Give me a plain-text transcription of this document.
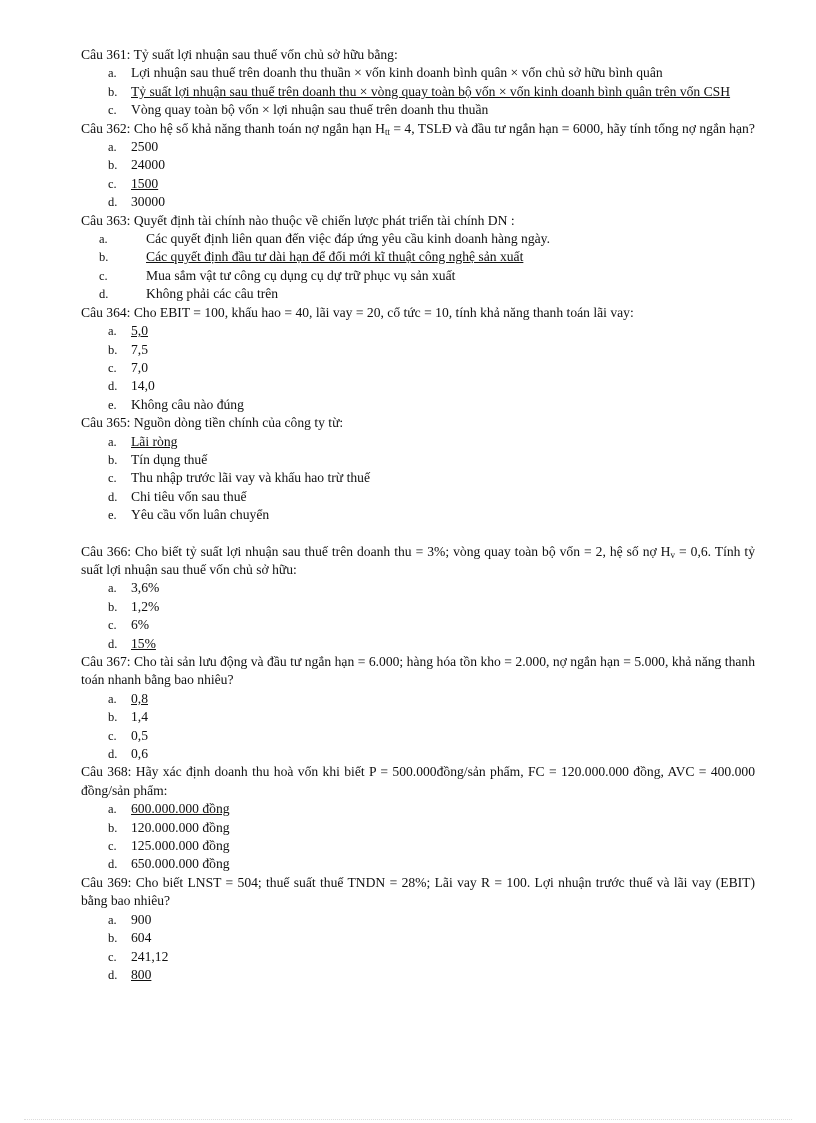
Câu 361: Tỷ suất lợi nhuận sau thuế vốn chủ sở hữu bằng:
a. Lợi nhuận sau thuế trên doanh thu thuần × vốn kinh doanh bình quân × vốn chủ sở hữu bình quân
b. Tỷ suất lợi nhuận sau thuế trên doanh thu × vòng quay toàn bộ vốn × vốn kinh doanh bình quân trên vốn CSH
c. Vòng quay toàn bộ vốn × lợi nhuận sau thuế trên doanh thu thuần
Câu 362: Cho hệ số khả năng thanh toán nợ ngắn hạn $H_{tt} = 4$, TSLĐ và đầu tư ngắn hạn = 6000, hãy tính tổng nợ ngắn hạn?
a. 2500
b. 24000
c. 1500
d. 30000
Câu 363: Quyết định tài chính nào thuộc về chiến lược phát triển tài chính DN :
a.	Các quyết định liên quan đến việc đáp ứng yêu cầu kinh doanh hàng ngày.
b.	Các quyết định đầu tư dài hạn để đổi mới kĩ thuật công nghệ sản xuất
c.	Mua sắm vật tư công cụ dụng cụ dự trữ phục vụ sản xuất
d.	Không phải các câu trên
Câu 364: Cho EBIT = 100, khấu hao = 40, lãi vay = 20, cổ tức = 10, tính khả năng thanh toán lãi vay:
a. 5,0
b. 7,5
c. 7,0
d. 14,0
e. Không câu nào đúng
Câu 365: Nguồn dòng tiền chính của công ty từ:
a. Lãi ròng
b. Tín dụng thuế
c. Thu nhập trước lãi vay và khấu hao trừ thuế
d. Chi tiêu vốn sau thuế
e. Yêu cầu vốn luân chuyển
Câu 366: Cho biết tỷ suất lợi nhuận sau thuế trên doanh thu = 3%; vòng quay toàn bộ vốn = 2, hệ số nợ $H_v = 0,6$. Tính tỷ suất lợi nhuận sau thuế vốn chủ sở hữu:
a. 3,6%
b. 1,2%
c. 6%
d. 15%
Câu 367: Cho tài sản lưu động và đầu tư ngắn hạn = 6.000; hàng hóa tồn kho = 2.000, nợ ngắn hạn = 5.000, khả năng thanh toán nhanh bằng bao nhiêu?
a. 0,8
b. 1,4
c. 0,5
d. 0,6
Câu 368: Hãy xác định doanh thu hoà vốn khi biết P = 500.000đồng/sản phẩm, FC = 120.000.000 đồng, AVC = 400.000 đồng/sản phẩm:
a. 600.000.000 đồng
b. 120.000.000 đồng
c. 125.000.000 đồng
d. 650.000.000 đồng
Câu 369: Cho biết LNST = 504; thuế suất thuế TNDN = 28%; Lãi vay R = 100. Lợi nhuận trước thuế và lãi vay (EBIT) bằng bao nhiêu?
a. 900
b. 604
c. 241,12
d. 800
